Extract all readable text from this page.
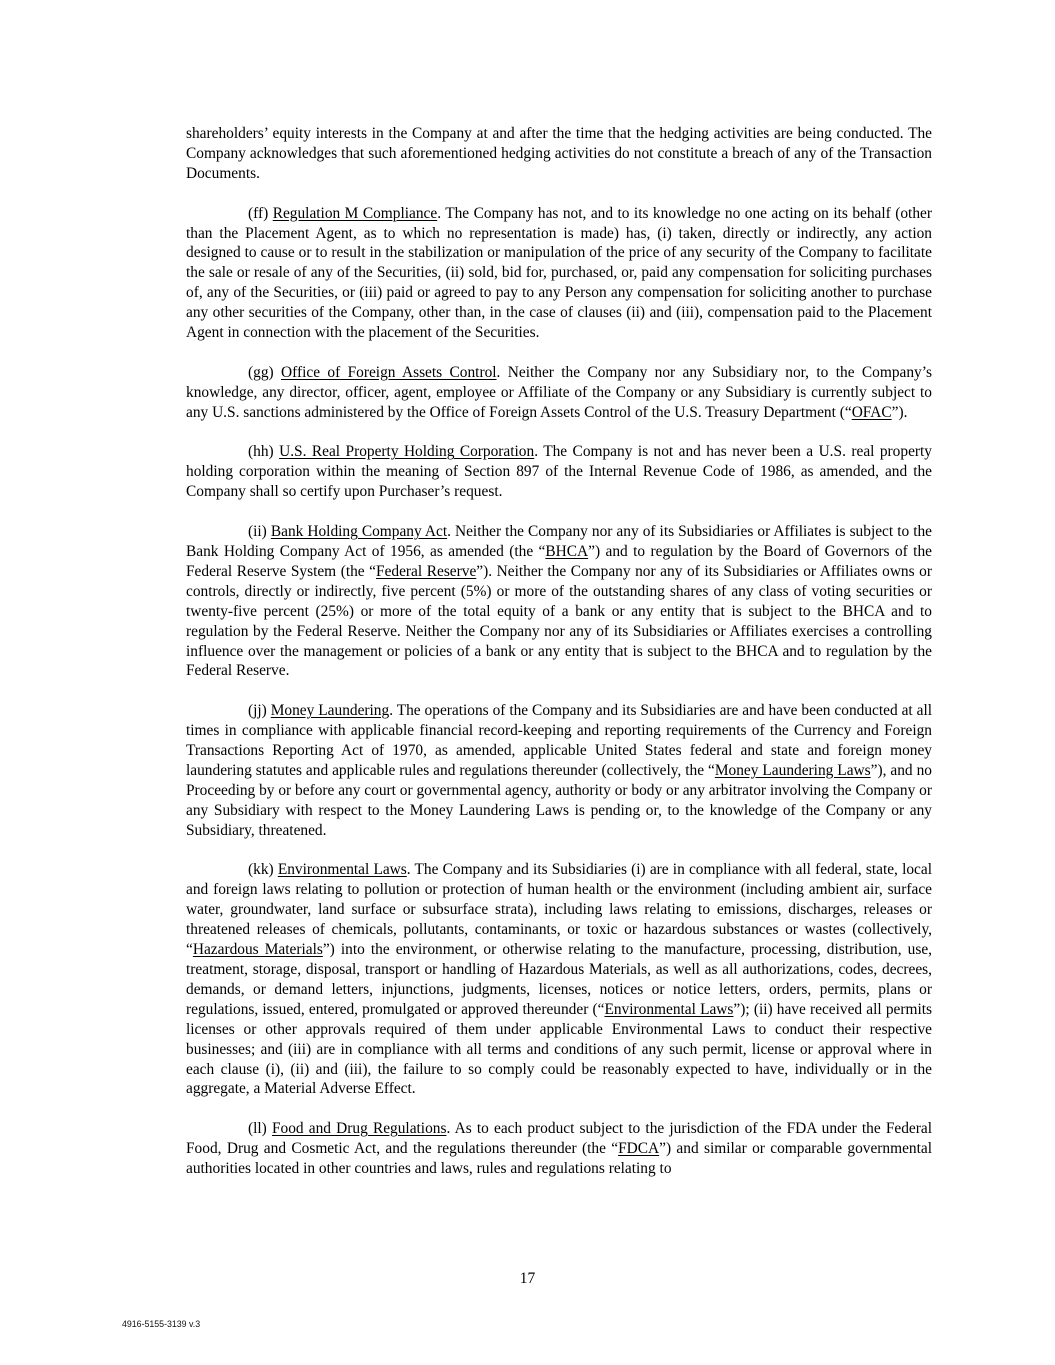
shareholders’ equity interests in the Company at and after the time that the hedging activities are being conducted. The Company acknowledges that such aforementioned hedging activities do not constitute a breach of any of the Transaction Documents.

(ff) Regulation M Compliance. The Company has not, and to its knowledge no one acting on its behalf (other than the Placement Agent, as to which no representation is made) has, (i) taken, directly or indirectly, any action designed to cause or to result in the stabilization or manipulation of the price of any security of the Company to facilitate the sale or resale of any of the Securities, (ii) sold, bid for, purchased, or, paid any compensation for soliciting purchases of, any of the Securities, or (iii) paid or agreed to pay to any Person any compensation for soliciting another to purchase any other securities of the Company, other than, in the case of clauses (ii) and (iii), compensation paid to the Placement Agent in connection with the placement of the Securities.

(gg) Office of Foreign Assets Control. Neither the Company nor any Subsidiary nor, to the Company’s knowledge, any director, officer, agent, employee or Affiliate of the Company or any Subsidiary is currently subject to any U.S. sanctions administered by the Office of Foreign Assets Control of the U.S. Treasury Department (“OFAC”).

(hh) U.S. Real Property Holding Corporation. The Company is not and has never been a U.S. real property holding corporation within the meaning of Section 897 of the Internal Revenue Code of 1986, as amended, and the Company shall so certify upon Purchaser’s request.

(ii) Bank Holding Company Act. Neither the Company nor any of its Subsidiaries or Affiliates is subject to the Bank Holding Company Act of 1956, as amended (the “BHCA”) and to regulation by the Board of Governors of the Federal Reserve System (the “Federal Reserve”). Neither the Company nor any of its Subsidiaries or Affiliates owns or controls, directly or indirectly, five percent (5%) or more of the outstanding shares of any class of voting securities or twenty-five percent (25%) or more of the total equity of a bank or any entity that is subject to the BHCA and to regulation by the Federal Reserve. Neither the Company nor any of its Subsidiaries or Affiliates exercises a controlling influence over the management or policies of a bank or any entity that is subject to the BHCA and to regulation by the Federal Reserve.

(jj) Money Laundering. The operations of the Company and its Subsidiaries are and have been conducted at all times in compliance with applicable financial record-keeping and reporting requirements of the Currency and Foreign Transactions Reporting Act of 1970, as amended, applicable United States federal and state and foreign money laundering statutes and applicable rules and regulations thereunder (collectively, the “Money Laundering Laws”), and no Proceeding by or before any court or governmental agency, authority or body or any arbitrator involving the Company or any Subsidiary with respect to the Money Laundering Laws is pending or, to the knowledge of the Company or any Subsidiary, threatened.

(kk) Environmental Laws. The Company and its Subsidiaries (i) are in compliance with all federal, state, local and foreign laws relating to pollution or protection of human health or the environment (including ambient air, surface water, groundwater, land surface or subsurface strata), including laws relating to emissions, discharges, releases or threatened releases of chemicals, pollutants, contaminants, or toxic or hazardous substances or wastes (collectively, “Hazardous Materials”) into the environment, or otherwise relating to the manufacture, processing, distribution, use, treatment, storage, disposal, transport or handling of Hazardous Materials, as well as all authorizations, codes, decrees, demands, or demand letters, injunctions, judgments, licenses, notices or notice letters, orders, permits, plans or regulations, issued, entered, promulgated or approved thereunder (“Environmental Laws”); (ii) have received all permits licenses or other approvals required of them under applicable Environmental Laws to conduct their respective businesses; and (iii) are in compliance with all terms and conditions of any such permit, license or approval where in each clause (i), (ii) and (iii), the failure to so comply could be reasonably expected to have, individually or in the aggregate, a Material Adverse Effect.

(ll) Food and Drug Regulations. As to each product subject to the jurisdiction of the FDA under the Federal Food, Drug and Cosmetic Act, and the regulations thereunder (the “FDCA”) and similar or comparable governmental authorities located in other countries and laws, rules and regulations relating to

17
4916-5155-3139 v.3
